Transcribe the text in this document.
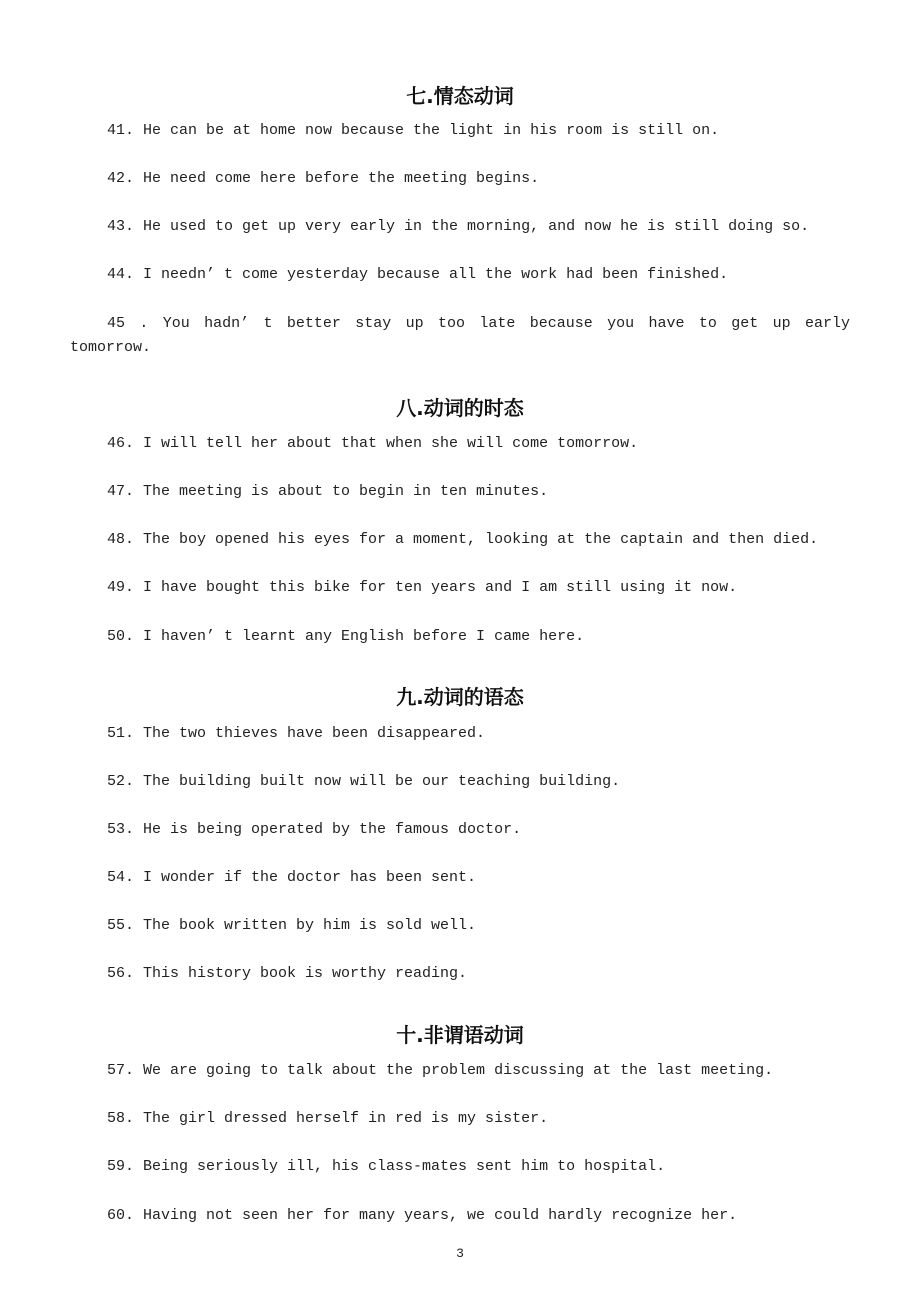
七.情态动词
41. He can be at home now because the light in his room is still on.
42. He need come here before the meeting begins.
43. He used to get up very early in the morning, and now he is still doing so.
44. I needn’ t come yesterday because all the work had been finished.
45 . You hadn’ t better stay up too late because you have to get up early tomorrow.
八.动词的时态
46. I will tell her about that when she will come tomorrow.
47. The meeting is about to begin in ten minutes.
48. The boy opened his eyes for a moment, looking at the captain and then died.
49. I have bought this bike for ten years and I am still using it now.
50. I haven’ t learnt any English before I came here.
九.动词的语态
51. The two thieves have been disappeared.
52. The building built now will be our teaching building.
53. He is being operated by the famous doctor.
54. I wonder if the doctor has been sent.
55. The book written by him is sold well.
56. This history book is worthy reading.
十.非谓语动词
57. We are going to talk about the problem discussing at the last meeting.
58. The girl dressed herself in red is my sister.
59. Being seriously ill, his class-mates sent him to hospital.
60. Having not seen her for many years, we could hardly recognize her.
3
